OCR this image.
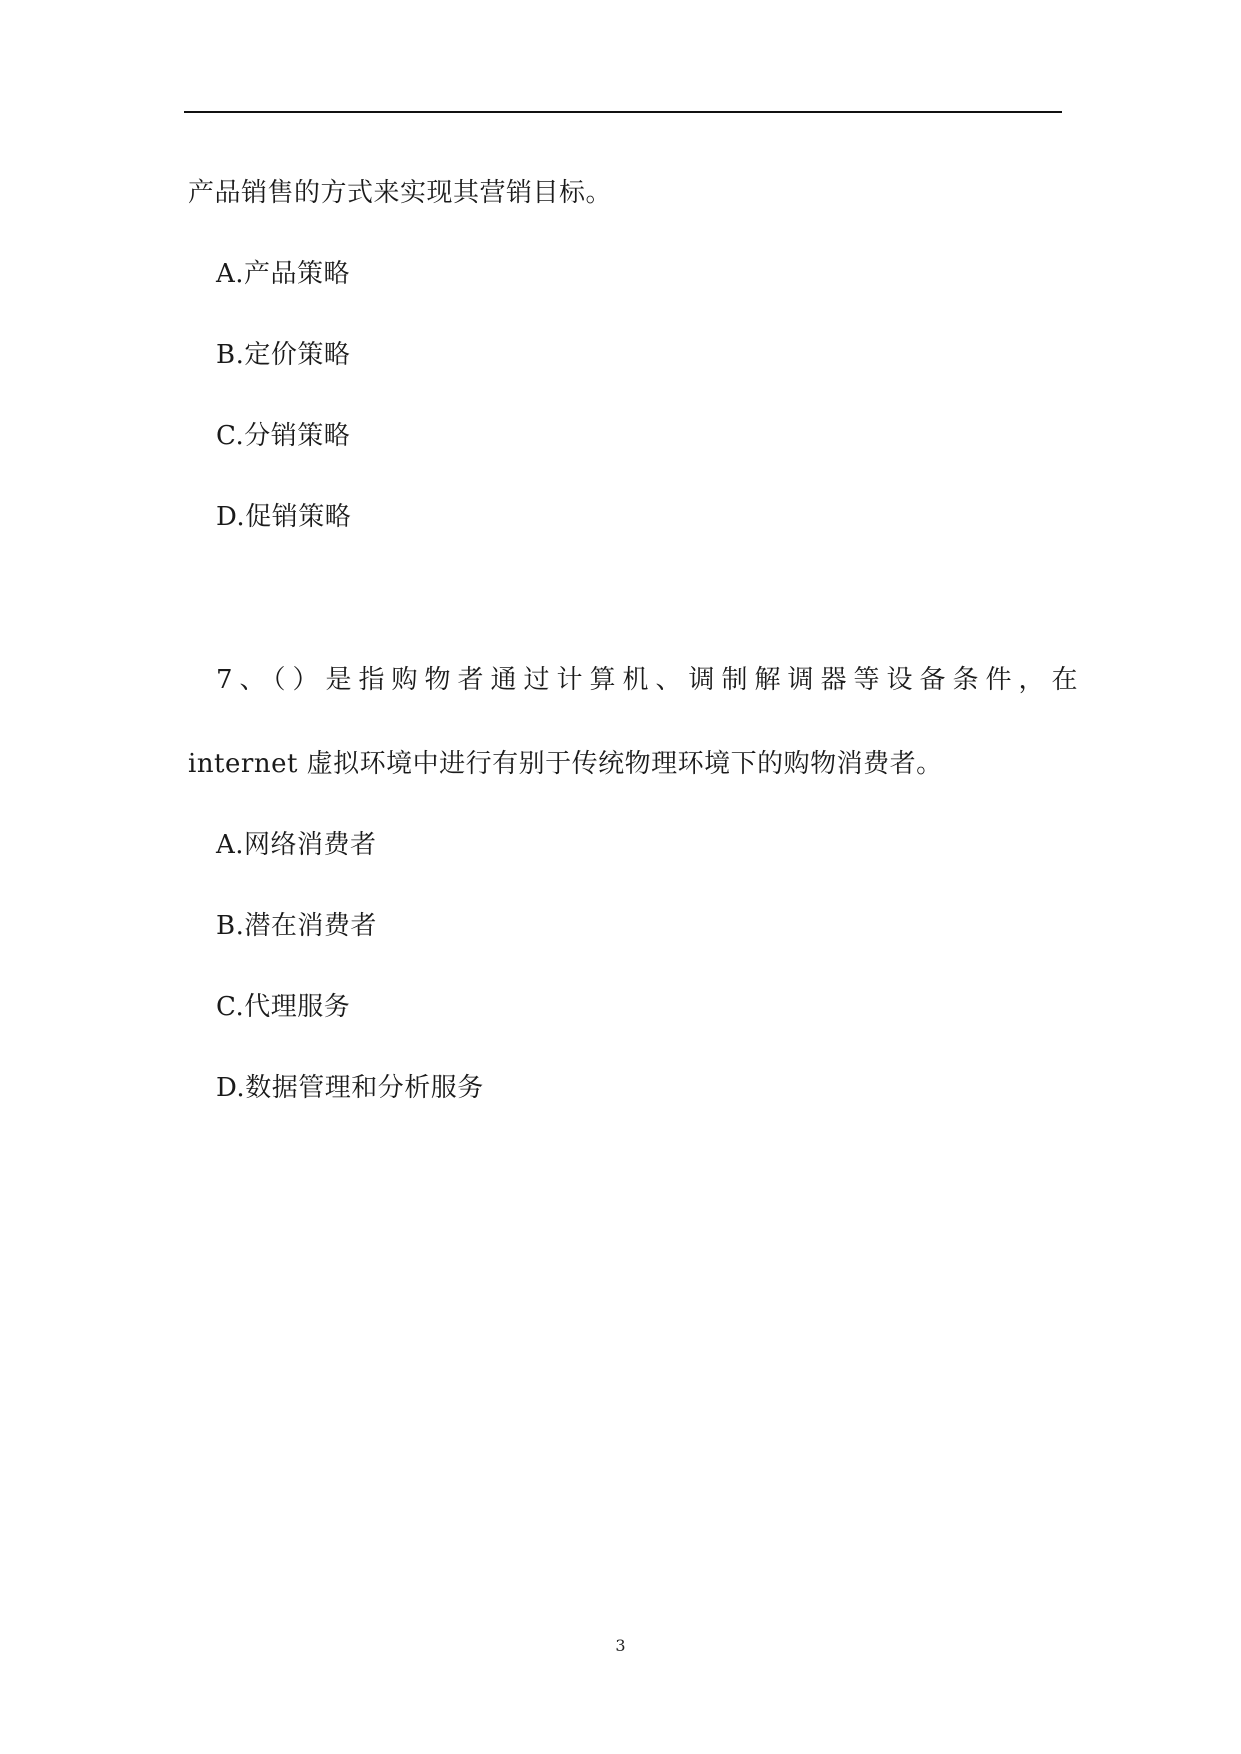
产品销售的方式来实现其营销目标。
A.产品策略
B.定价策略
C.分销策略
D.促销策略
7、（）是指购物者通过计算机、调制解调器等设备条件，在
internet 虚拟环境中进行有别于传统物理环境下的购物消费者。
A.网络消费者
B.潜在消费者
C.代理服务
D.数据管理和分析服务
3
